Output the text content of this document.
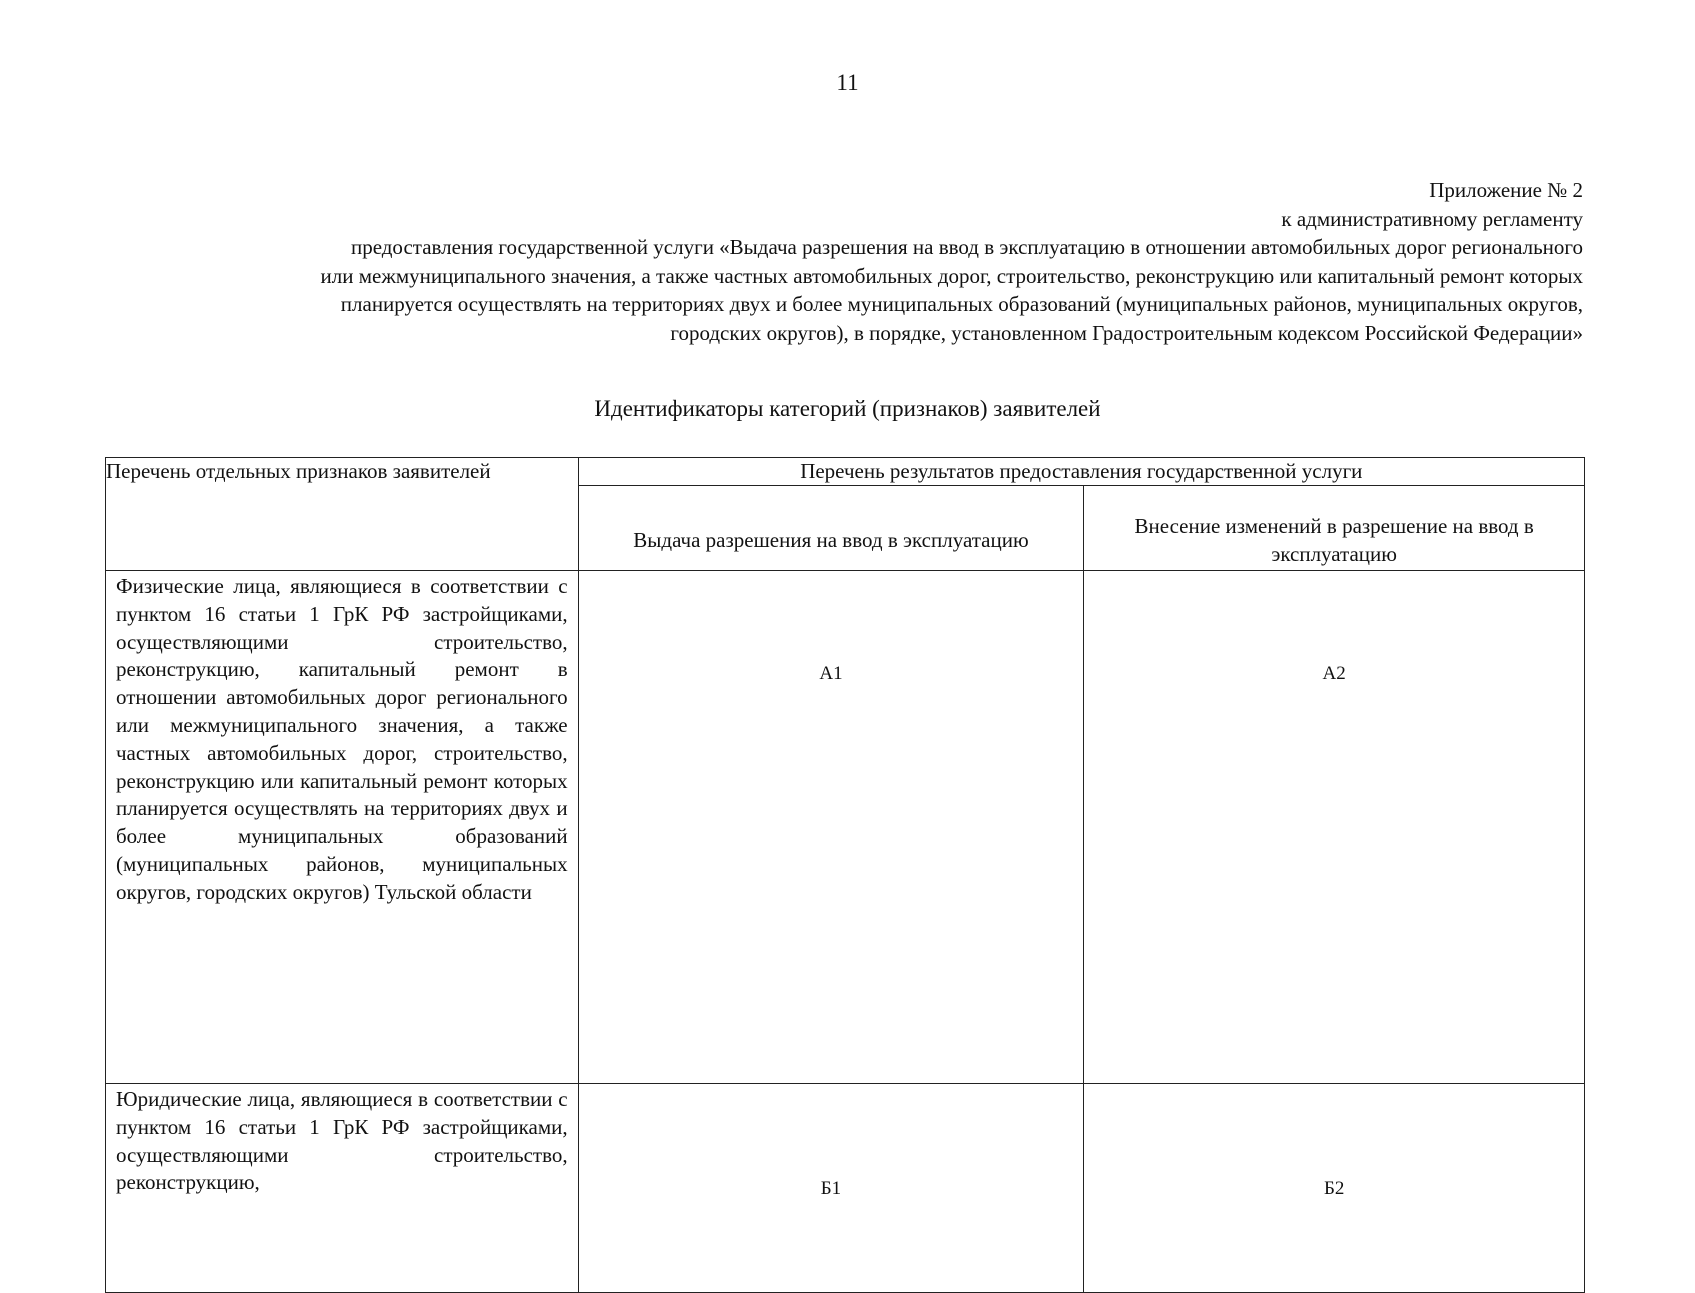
11
Приложение № 2
к административному регламенту
предоставления государственной услуги «Выдача разрешения на ввод в эксплуатацию в отношении автомобильных дорог регионального
или межмуниципального значения, а также частных автомобильных дорог, строительство, реконструкцию или капитальный ремонт которых
планируется осуществлять на территориях двух и более муниципальных образований (муниципальных районов, муниципальных округов,
городских округов), в порядке, установленном Градостроительным кодексом Российской Федерации»
Идентификаторы категорий (признаков) заявителей
Перечень отдельных признаков заявителей	Перечень результатов предоставления государственной услуги	

	Выдача разрешения на ввод в эксплуатацию	Внесение изменений в разрешение на ввод в эксплуатацию

Физические лица, являющиеся в соответствии с пунктом 16 статьи 1 ГрК РФ застройщиками, осуществляющими строительство, реконструкцию, капитальный ремонт в отношении автомобильных дорог регионального или межмуниципального значения, а также частных автомобильных дорог, строительство, реконструкцию или капитальный ремонт которых планируется осуществлять на территориях двух и более муниципальных образований (муниципальных районов, муниципальных округов, городских округов) Тульской области	А1	А2

Юридические лица, являющиеся в соответствии с пунктом 16 статьи 1 ГрК РФ застройщиками, осуществляющими строительство, реконструкцию,	Б1	Б2
